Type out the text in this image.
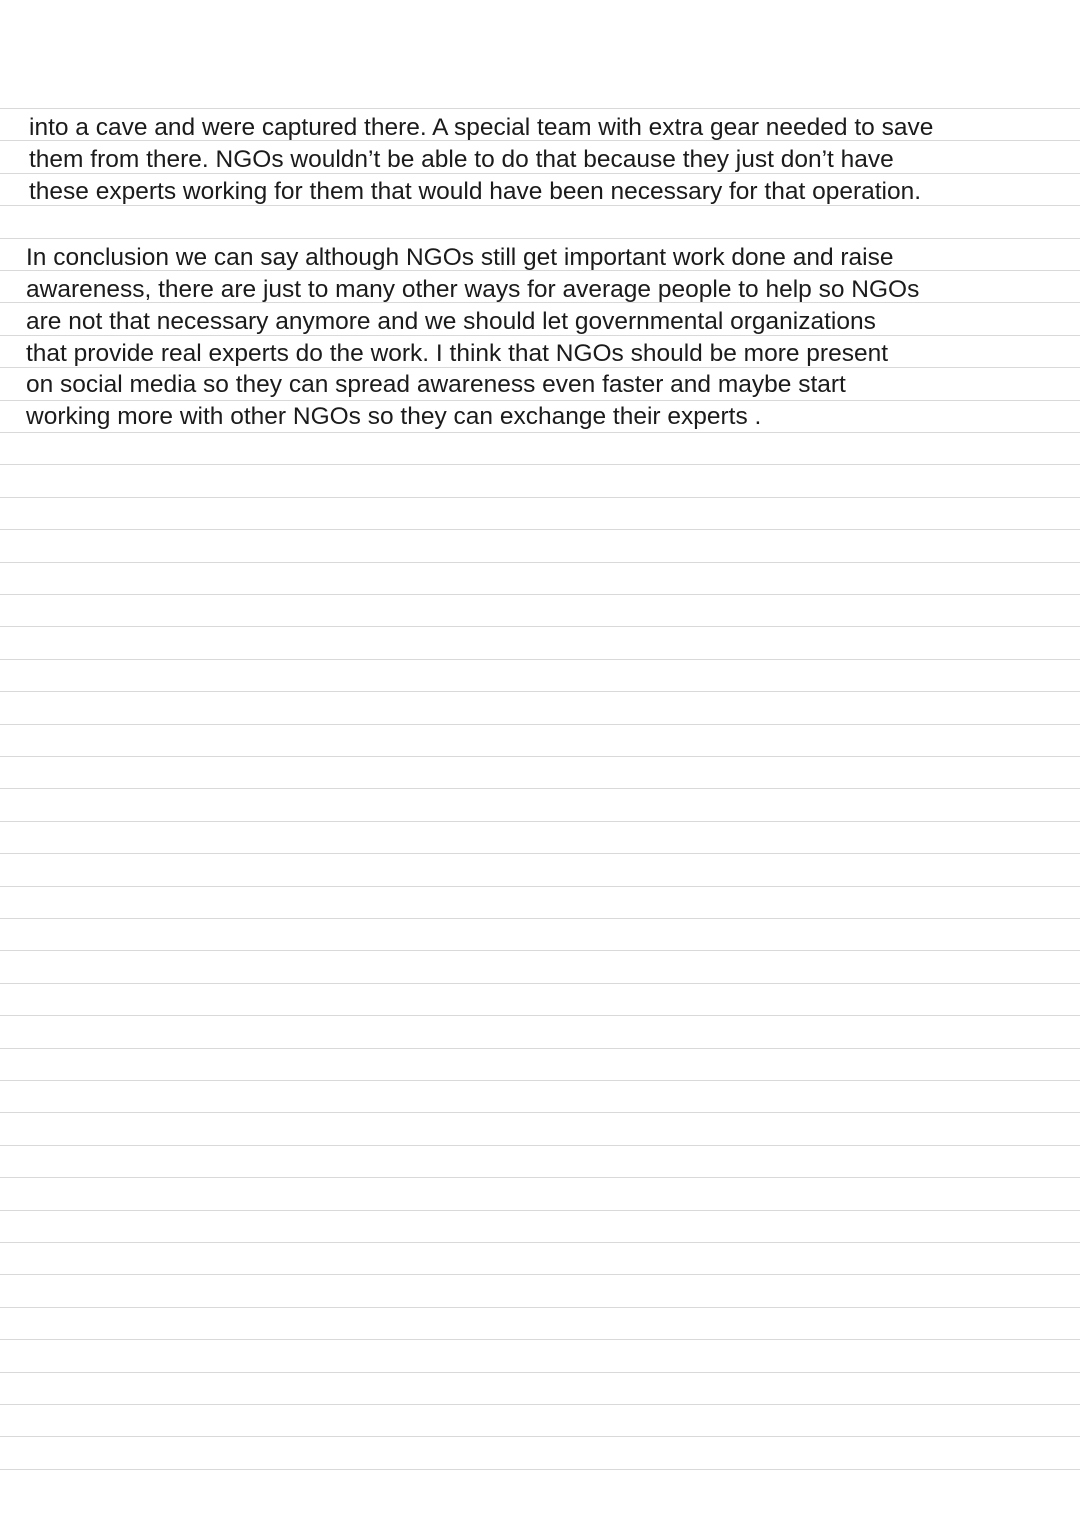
into a cave and were captured there. A special team with extra gear needed to save
them from there. NGOs wouldn’t be able to do that because they just don’t have
these experts working for them that would have been necessary for that operation.
In conclusion we can say although NGOs still get important work done and raise
awareness, there are just to many other ways for average people to help so NGOs
are not that necessary anymore and we should let governmental organizations
that provide real experts do the work. I think that NGOs should be more present
on social media so they can spread awareness even faster and maybe start
working more with other NGOs so they can exchange their experts .
